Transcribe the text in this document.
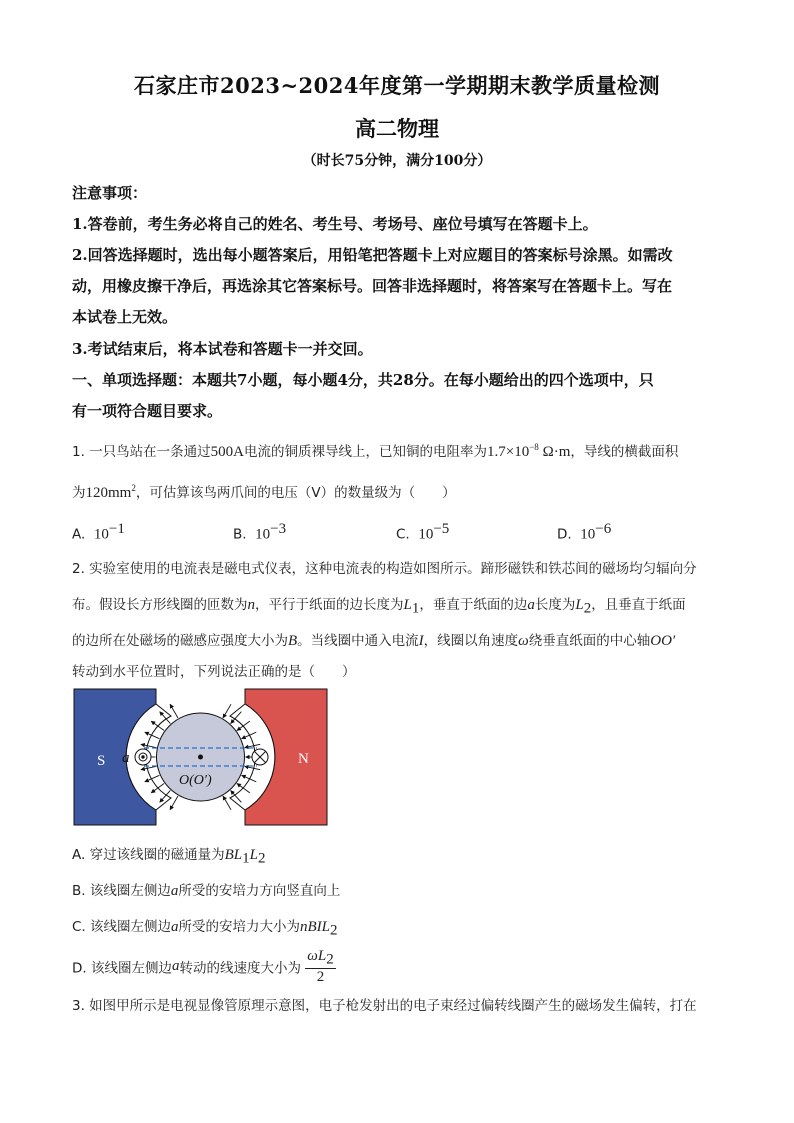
石家庄市2023~2024年度第一学期期末教学质量检测
高二物理
（时长75分钟，满分100分）
注意事项：
1.答卷前，考生务必将自己的姓名、考生号、考场号、座位号填写在答题卡上。
2.回答选择题时，选出每小题答案后，用铅笔把答题卡上对应题目的答案标号涂黑。如需改
动，用橡皮擦干净后，再选涂其它答案标号。回答非选择题时，将答案写在答题卡上。写在
本试卷上无效。
3.考试结束后，将本试卷和答题卡一并交回。
一、单项选择题：本题共7小题，每小题4分，共28分。在每小题给出的四个选项中，只
有一项符合题目要求。
1. 一只鸟站在一条通过500A电流的铜质裸导线上，已知铜的电阻率为$1.7\times 10^{-8}$ Ω·m，导线的横截面积
为$120mm^2$，可估算该鸟两爪间的电压（V）的数量级为（　　）
A. $10^{-1}$	B. $10^{-3}$	C. $10^{-5}$	D. $10^{-6}$
2. 实验室使用的电流表是磁电式仪表，这种电流表的构造如图所示。蹄形磁铁和铁芯间的磁场均匀辐向分
布。假设长方形线圈的匝数为n，平行于纸面的边长度为$L_1$，垂直于纸面的边a长度为$L_2$，且垂直于纸面
的边所在处磁场的磁感应强度大小为B。当线圈中通入电流I，线圈以角速度ω绕垂直纸面的中心轴OO′
转动到水平位置时，下列说法正确的是（　　）
S	N
a
O(O′)
A. 穿过该线圈的磁通量为$BL_1L_2$
B. 该线圈左侧边a所受的安培力方向竖直向上
C. 该线圈左侧边a所受的安培力大小为nBIL$_2$
D. 该线圈左侧边a转动的线速度大小为 $\frac{\omega L_2}{2}$
3. 如图甲所示是电视显像管原理示意图，电子枪发射出的电子束经过偏转线圈产生的磁场发生偏转，打在
